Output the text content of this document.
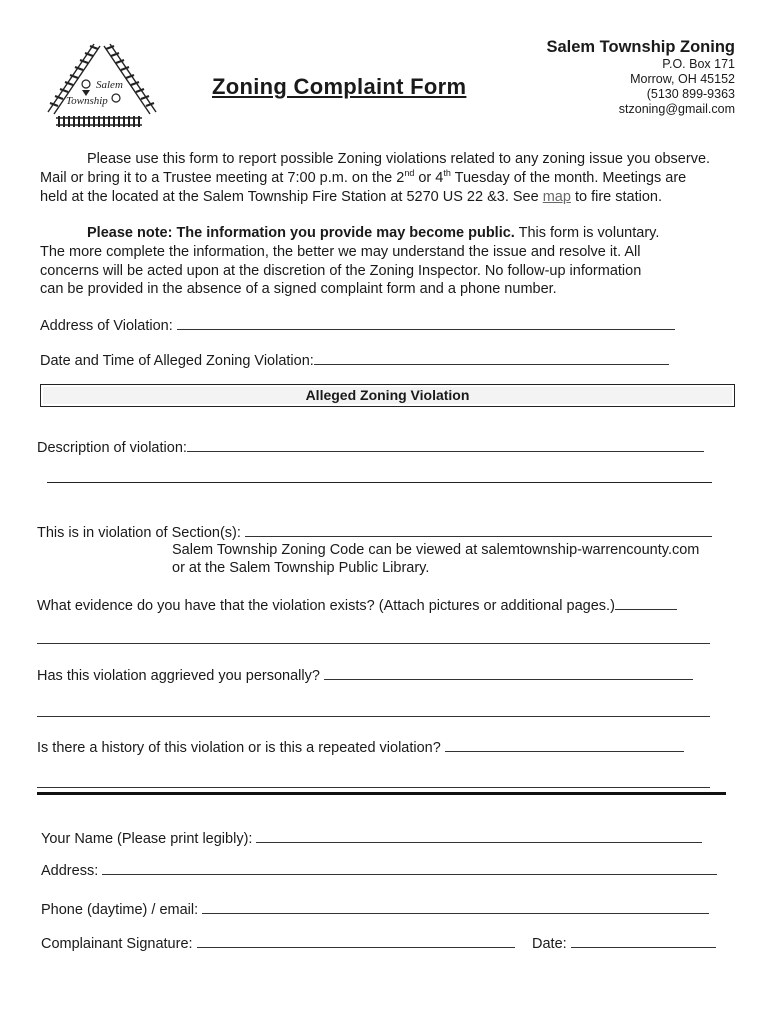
Salem
Township
Zoning Complaint Form
Salem Township Zoning
P.O. Box 171
Morrow, OH 45152
(5130 899-9363
stzoning@gmail.com
Please use this form to report possible Zoning violations related to any zoning issue you observe.
Mail or bring it to a Trustee meeting at 7:00 p.m. on the 2nd or 4th Tuesday of the month. Meetings are
held at the located at the Salem Township Fire Station at 5270 US 22 &3. See map to fire station.
Please note: The information you provide may become public. This form is voluntary.
The more complete the information, the better we may understand the issue and resolve it. All
concerns will be acted upon at the discretion of the Zoning Inspector. No follow-up information
can be provided in the absence of a signed complaint form and a phone number.
Address of Violation:
Date and Time of Alleged Zoning Violation:
Alleged Zoning Violation
Description of violation:
This is in violation of Section(s):
Salem Township Zoning Code can be viewed at salemtownship-warrencounty.com
or at the Salem Township Public Library.
What evidence do you have that the violation exists? (Attach pictures or additional pages.)
Has this violation aggrieved you personally?
Is there a history of this violation or is this a repeated violation?
Your Name (Please print legibly):
Address:
Phone (daytime) / email:
Complainant Signature:	Date:
